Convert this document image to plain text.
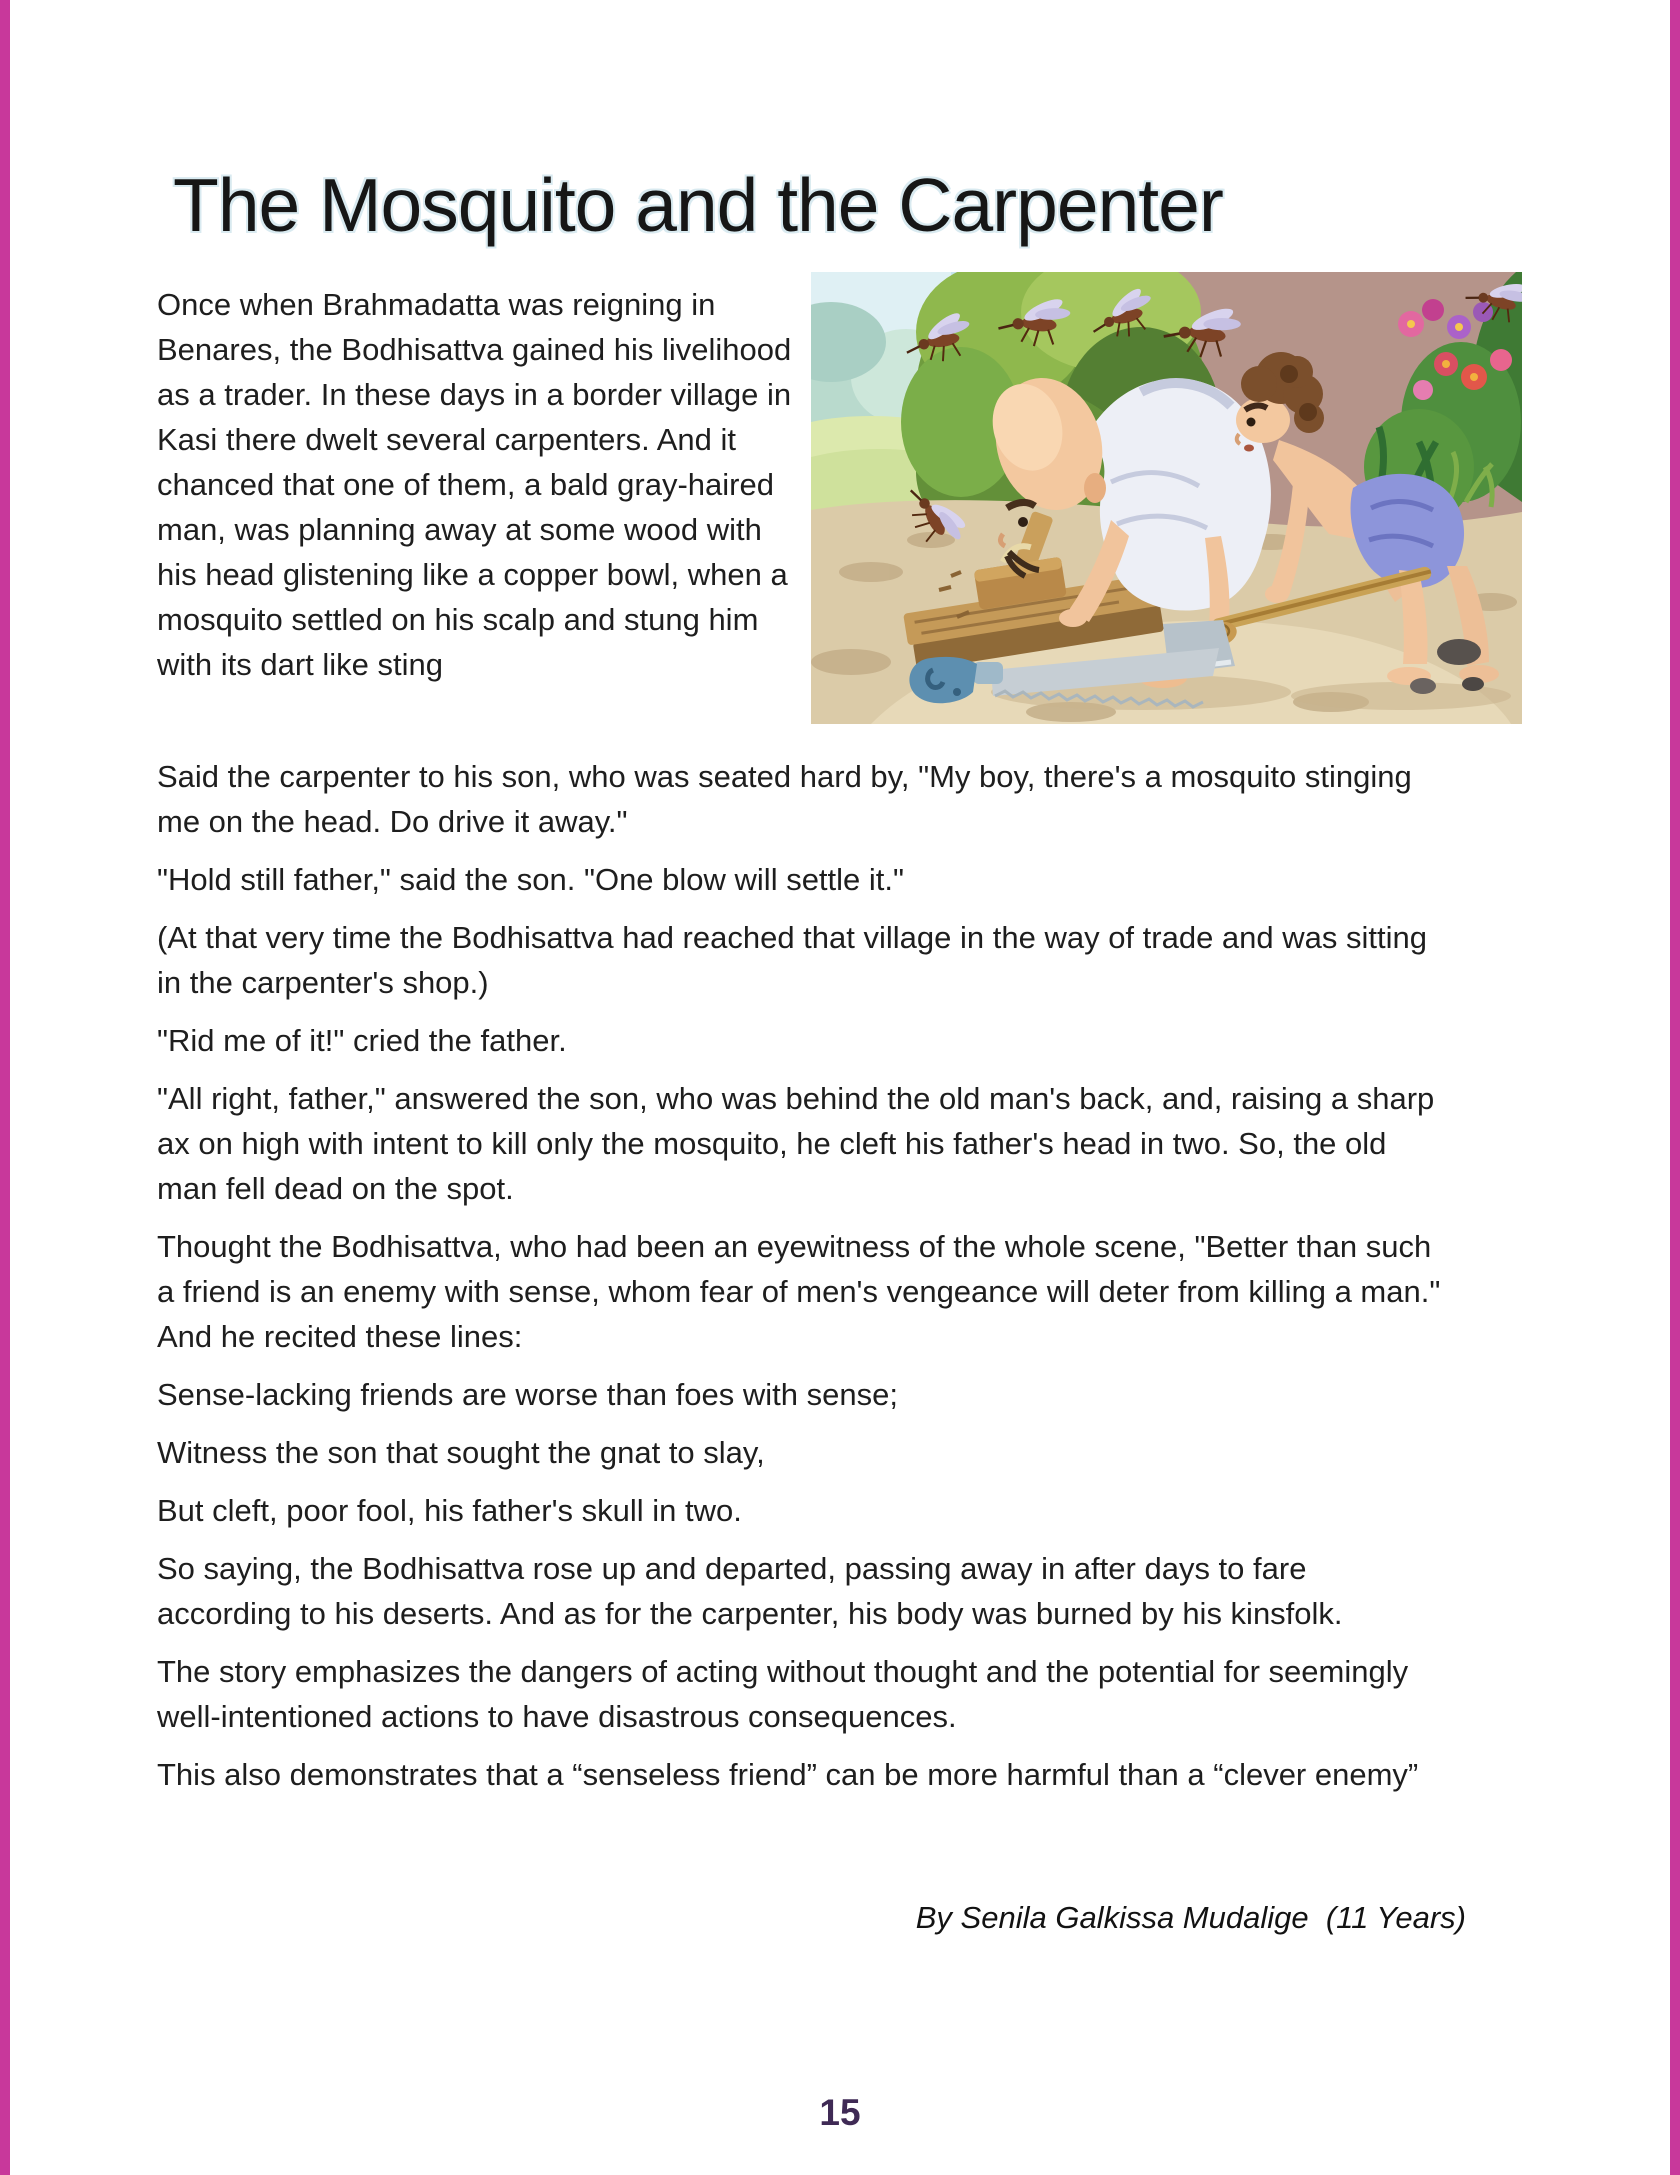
The Mosquito and the Carpenter The Mosquito and the Carpenter

Once when Brahmadatta was reigning in Benares, the Bodhisattva gained his livelihood as a trader. In these days in a border village in Kasi there dwelt several carpenters. And it chanced that one of them, a bald gray-haired man, was planning away at some wood with his head glistening like a copper bowl, when a mosquito settled on his scalp and stung him with its dart like sting

Said the carpenter to his son, who was seated hard by, "My boy, there's a mosquito stinging me on the head. Do drive it away."

"Hold still father," said the son. "One blow will settle it."

(At that very time the Bodhisattva had reached that village in the way of trade and was sitting in the carpenter's shop.)

"Rid me of it!" cried the father.

"All right, father," answered the son, who was behind the old man's back, and, raising a sharp ax on high with intent to kill only the mosquito, he cleft his father's head in two. So, the old man fell dead on the spot.

Thought the Bodhisattva, who had been an eyewitness of the whole scene, "Better than such a friend is an enemy with sense, whom fear of men's vengeance will deter from killing a man." And he recited these lines:

Sense-lacking friends are worse than foes with sense;

Witness the son that sought the gnat to slay,

But cleft, poor fool, his father's skull in two.

So saying, the Bodhisattva rose up and departed, passing away in after days to fare according to his deserts. And as for the carpenter, his body was burned by his kinsfolk.

The story emphasizes the dangers of acting without thought and the potential for seemingly well-intentioned actions to have disastrous consequences.

This also demonstrates that a “senseless friend” can be more harmful than a “clever enemy”

By Senila Galkissa Mudalige  (11 Years)
15
